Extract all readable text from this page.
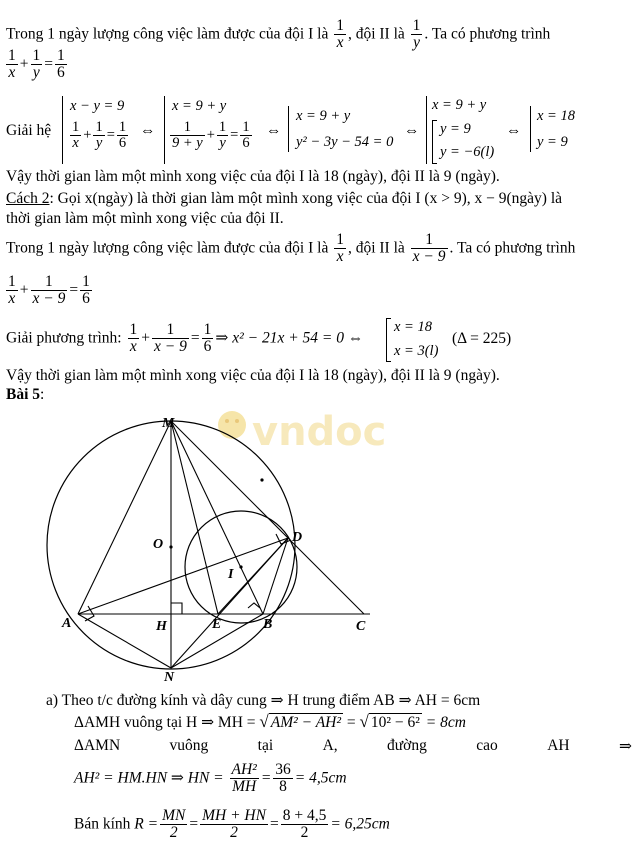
Trong 1 ngày lượng công việc làm được của đội I là $\frac{1}{x}$ , đội II là $\frac{1}{y}$ . Ta có phương trình
$\frac{1}{x} + \frac{1}{y} = \frac{1}{6}$
Giải hệ
x − y = 9
$\frac{1}{x} + \frac{1}{y} = \frac{1}{6}$ ⇔
x = 9 + y
$\frac{1}{9 + y} + \frac{1}{y} = \frac{1}{6}$ ⇔
x = 9 + y
y² − 3y − 54 = 0
⇔
x = 9 + y
y = 9
y = −6(l)
⇔
x = 18
y = 9
Vậy thời gian làm một mình xong việc của đội I là 18 (ngày), đội II là 9 (ngày).
Cách 2: Gọi x(ngày) là thời gian làm một mình xong việc của đội I (x > 9), x − 9(ngày) là
thời gian làm một mình xong việc của đội II.
Trong 1 ngày lượng công việc làm được của đội I là $\frac{1}{x}$ , đội II là $\frac{1}{x - 9}$ . Ta có phương trình
$\frac{1}{x} + \frac{1}{x - 9} = \frac{1}{6}$
Giải phương trình: $\frac{1}{x} + \frac{1}{x - 9} = \frac{1}{6}$ ⇒ x² − 21x + 54 = 0 ⇔
x = 18
x = 3(l)
(Δ = 225)
Vậy thời gian làm một mình xong việc của đội I là 18 (ngày), đội II là 9 (ngày).
Bài 5:
vndoc
M
O	D
I
A	H	E	B	C
N
a) Theo t/c đường kính và dây cung ⇒ H trung điểm AB ⇒ AH = 6cm
ΔAMH vuông tại H ⇒ MH = √ AM² − AH² = √ 10² − 6² = 8cm
ΔAMN	vuông	tại	A,	đường	cao	AH	⇒
AH² = HM.HN ⇒ HN = $\frac{\text{AH²}}{MH} = \frac{36}{8} = 4,5cm$
Bán kính $R = \frac{MN}{2} = \frac{MH + HN}{2} = \frac{8 + 4,5}{2} = 6,25cm$
